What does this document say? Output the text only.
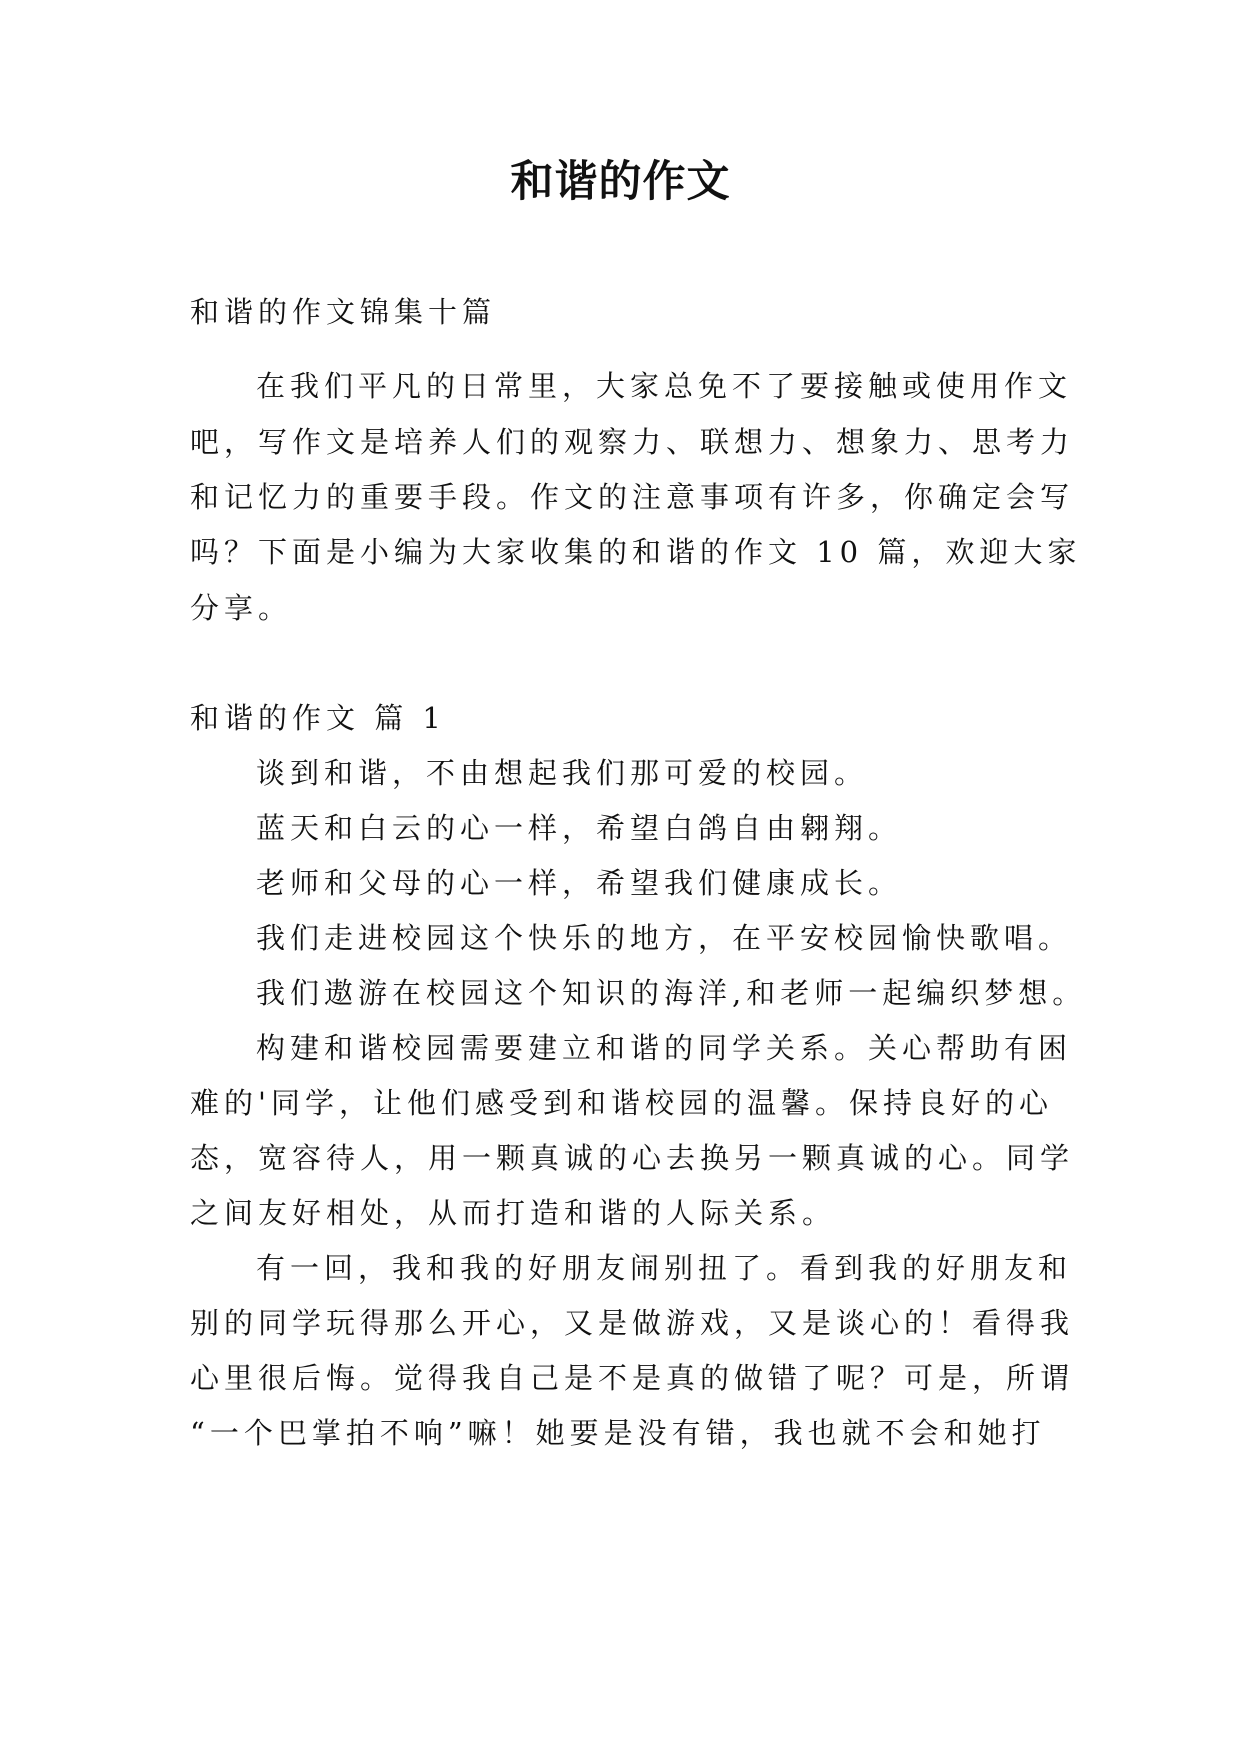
和谐的作文
和谐的作文锦集十篇
在我们平凡的日常里，大家总免不了要接触或使用作文
吧，写作文是培养人们的观察力、联想力、想象力、思考力
和记忆力的重要手段。作文的注意事项有许多，你确定会写
吗？下面是小编为大家收集的和谐的作文 10 篇，欢迎大家
分享。
和谐的作文 篇 1
谈到和谐，不由想起我们那可爱的校园。
蓝天和白云的心一样，希望白鸽自由翱翔。
老师和父母的心一样，希望我们健康成长。
我们走进校园这个快乐的地方，在平安校园愉快歌唱。
我们遨游在校园这个知识的海洋,和老师一起编织梦想。
构建和谐校园需要建立和谐的同学关系。关心帮助有困
难的'同学，让他们感受到和谐校园的温馨。保持良好的心
态，宽容待人，用一颗真诚的心去换另一颗真诚的心。同学
之间友好相处，从而打造和谐的人际关系。
有一回，我和我的好朋友闹别扭了。看到我的好朋友和
别的同学玩得那么开心，又是做游戏，又是谈心的！看得我
心里很后悔。觉得我自己是不是真的做错了呢？可是，所谓
“一个巴掌拍不响”嘛！她要是没有错，我也就不会和她打
